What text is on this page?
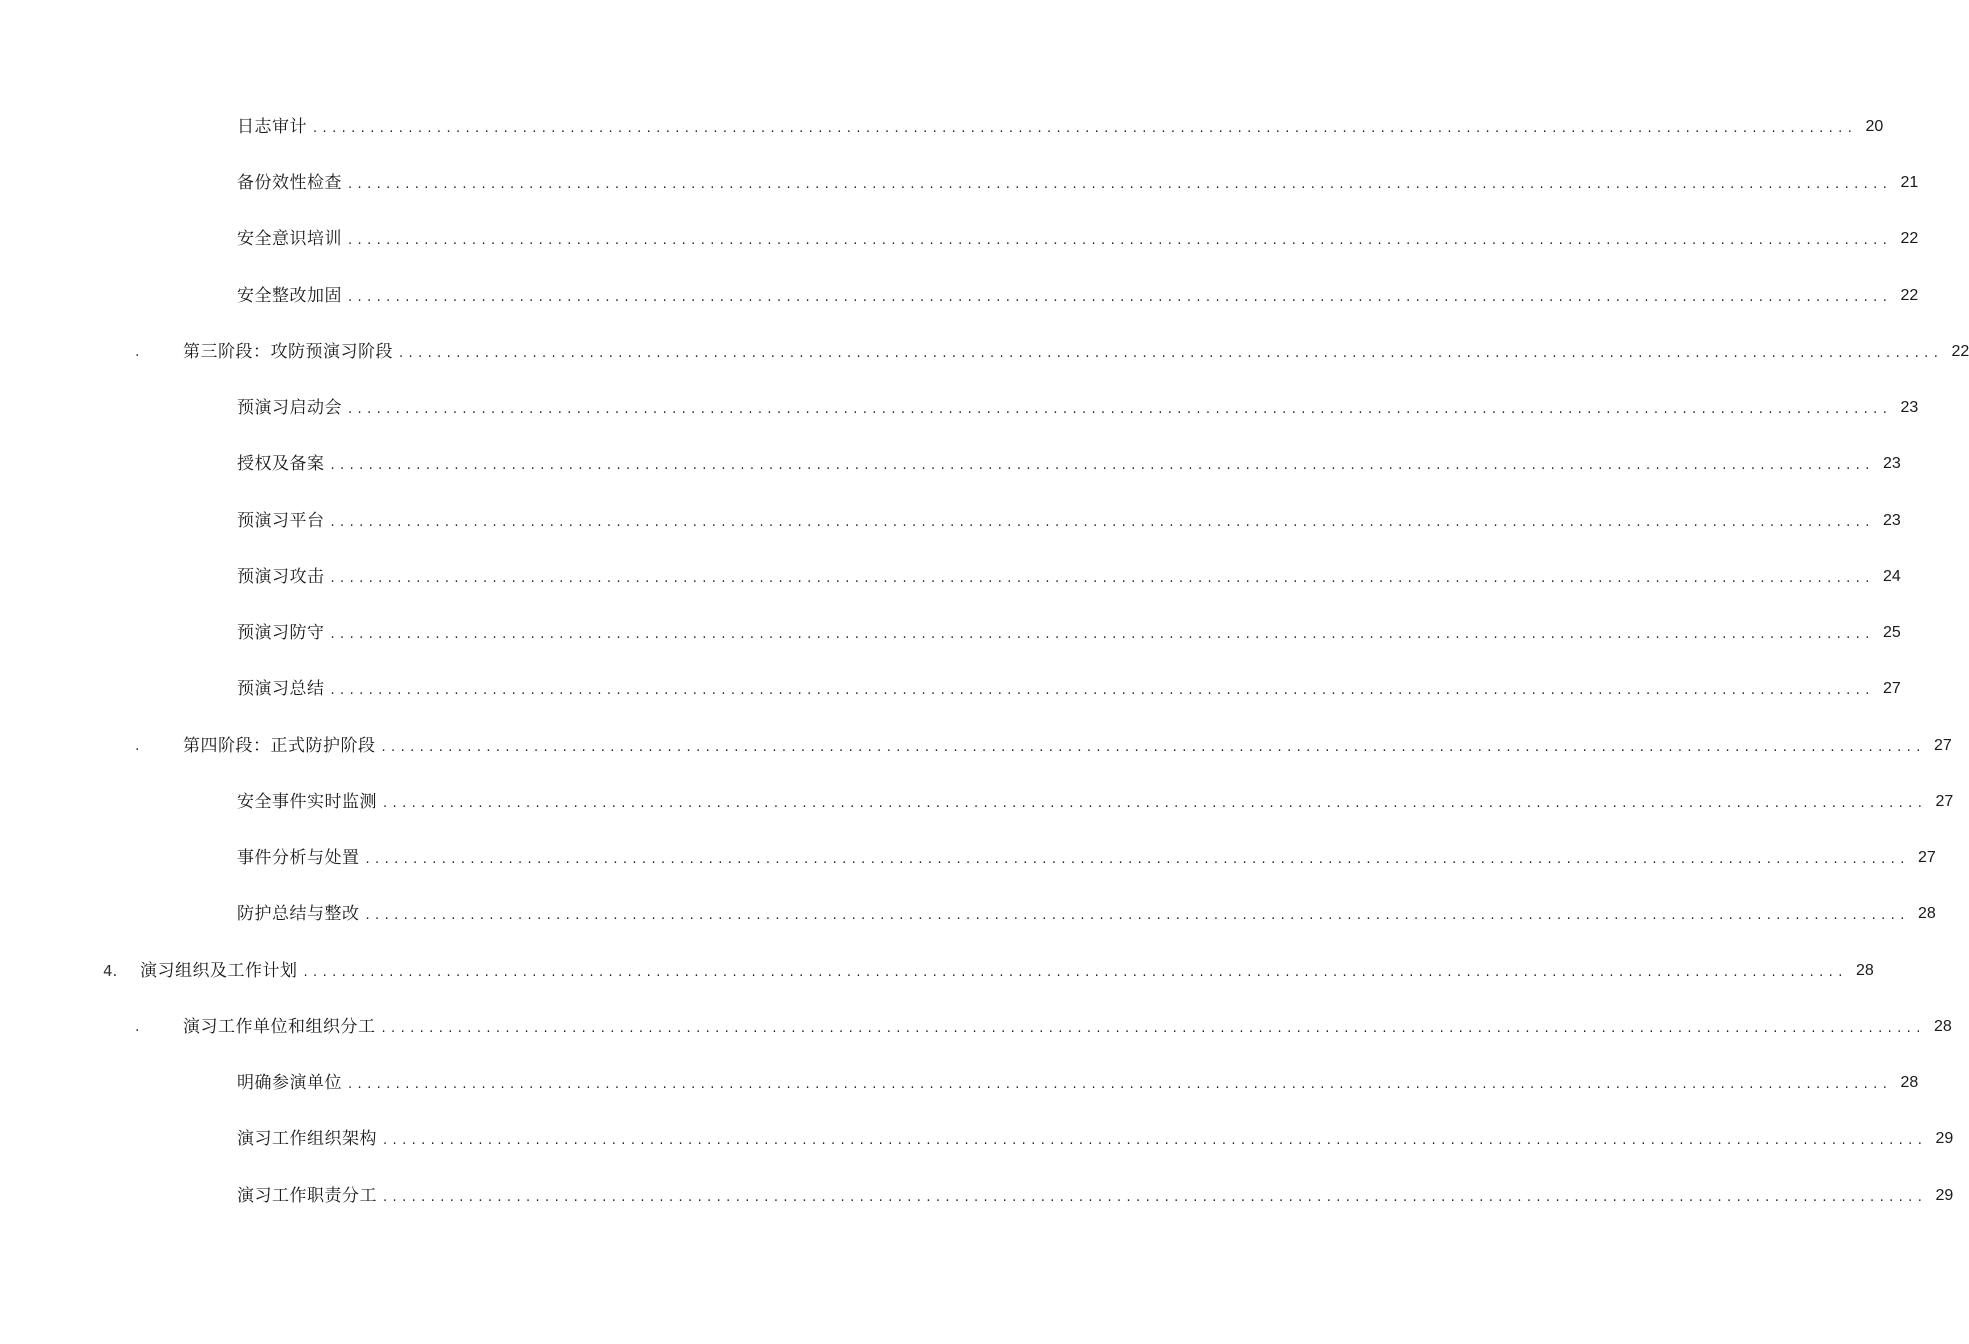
日志审计 .................................................................................................................................................................. 20
备份效性检查 .................................................................................................................................................................. 21
安全意识培训 .................................................................................................................................................................. 22
安全整改加固 .................................................................................................................................................................. 22
.	第三阶段：攻防预演习阶段 .................................................................................................................................................................. 22
预演习启动会 .................................................................................................................................................................. 23
授权及备案 .................................................................................................................................................................. 23
预演习平台 .................................................................................................................................................................. 23
预演习攻击 .................................................................................................................................................................. 24
预演习防守 .................................................................................................................................................................. 25
预演习总结 .................................................................................................................................................................. 27
.	第四阶段：正式防护阶段 .................................................................................................................................................................. 27
安全事件实时监测 .................................................................................................................................................................. 27
事件分析与处置 .................................................................................................................................................................. 27
防护总结与整改 .................................................................................................................................................................. 28
4. 演习组织及工作计划 .................................................................................................................................................................. 28
.	演习工作单位和组织分工 .................................................................................................................................................................. 28
明确参演单位 .................................................................................................................................................................. 28
演习工作组织架构 .................................................................................................................................................................. 29
演习工作职责分工 .................................................................................................................................................................. 29
